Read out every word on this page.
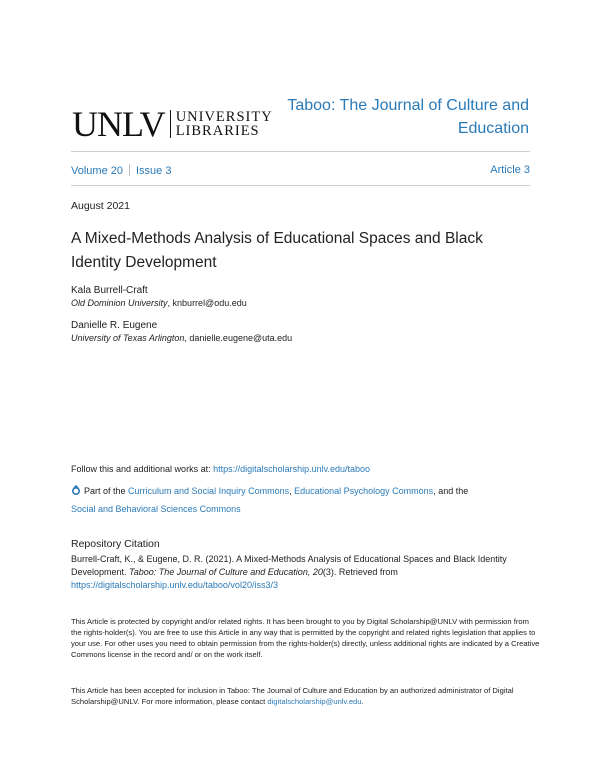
UNLV UNIVERSITY
LIBRARIES
Taboo: The Journal of Culture and Education
Volume 20 Issue 3	Article 3
August 2021
A Mixed-Methods Analysis of Educational Spaces and Black Identity Development
Kala Burrell-Craft
Old Dominion University, knburrel@odu.edu
Danielle R. Eugene
University of Texas Arlington, danielle.eugene@uta.edu
Follow this and additional works at: https://digitalscholarship.unlv.edu/taboo
Part of the Curriculum and Social Inquiry Commons, Educational Psychology Commons, and the
Social and Behavioral Sciences Commons
Repository Citation
Burrell-Craft, K., & Eugene, D. R. (2021). A Mixed-Methods Analysis of Educational Spaces and Black Identity Development. Taboo: The Journal of Culture and Education, 20(3). Retrieved from
https://digitalscholarship.unlv.edu/taboo/vol20/iss3/3
This Article is protected by copyright and/or related rights. It has been brought to you by Digital Scholarship@UNLV with permission from the rights-holder(s). You are free to use this Article in any way that is permitted by the copyright and related rights legislation that applies to your use. For other uses you need to obtain permission from the rights-holder(s) directly, unless additional rights are indicated by a Creative Commons license in the record and/ or on the work itself.
This Article has been accepted for inclusion in Taboo: The Journal of Culture and Education by an authorized administrator of Digital Scholarship@UNLV. For more information, please contact digitalscholarship@unlv.edu.
